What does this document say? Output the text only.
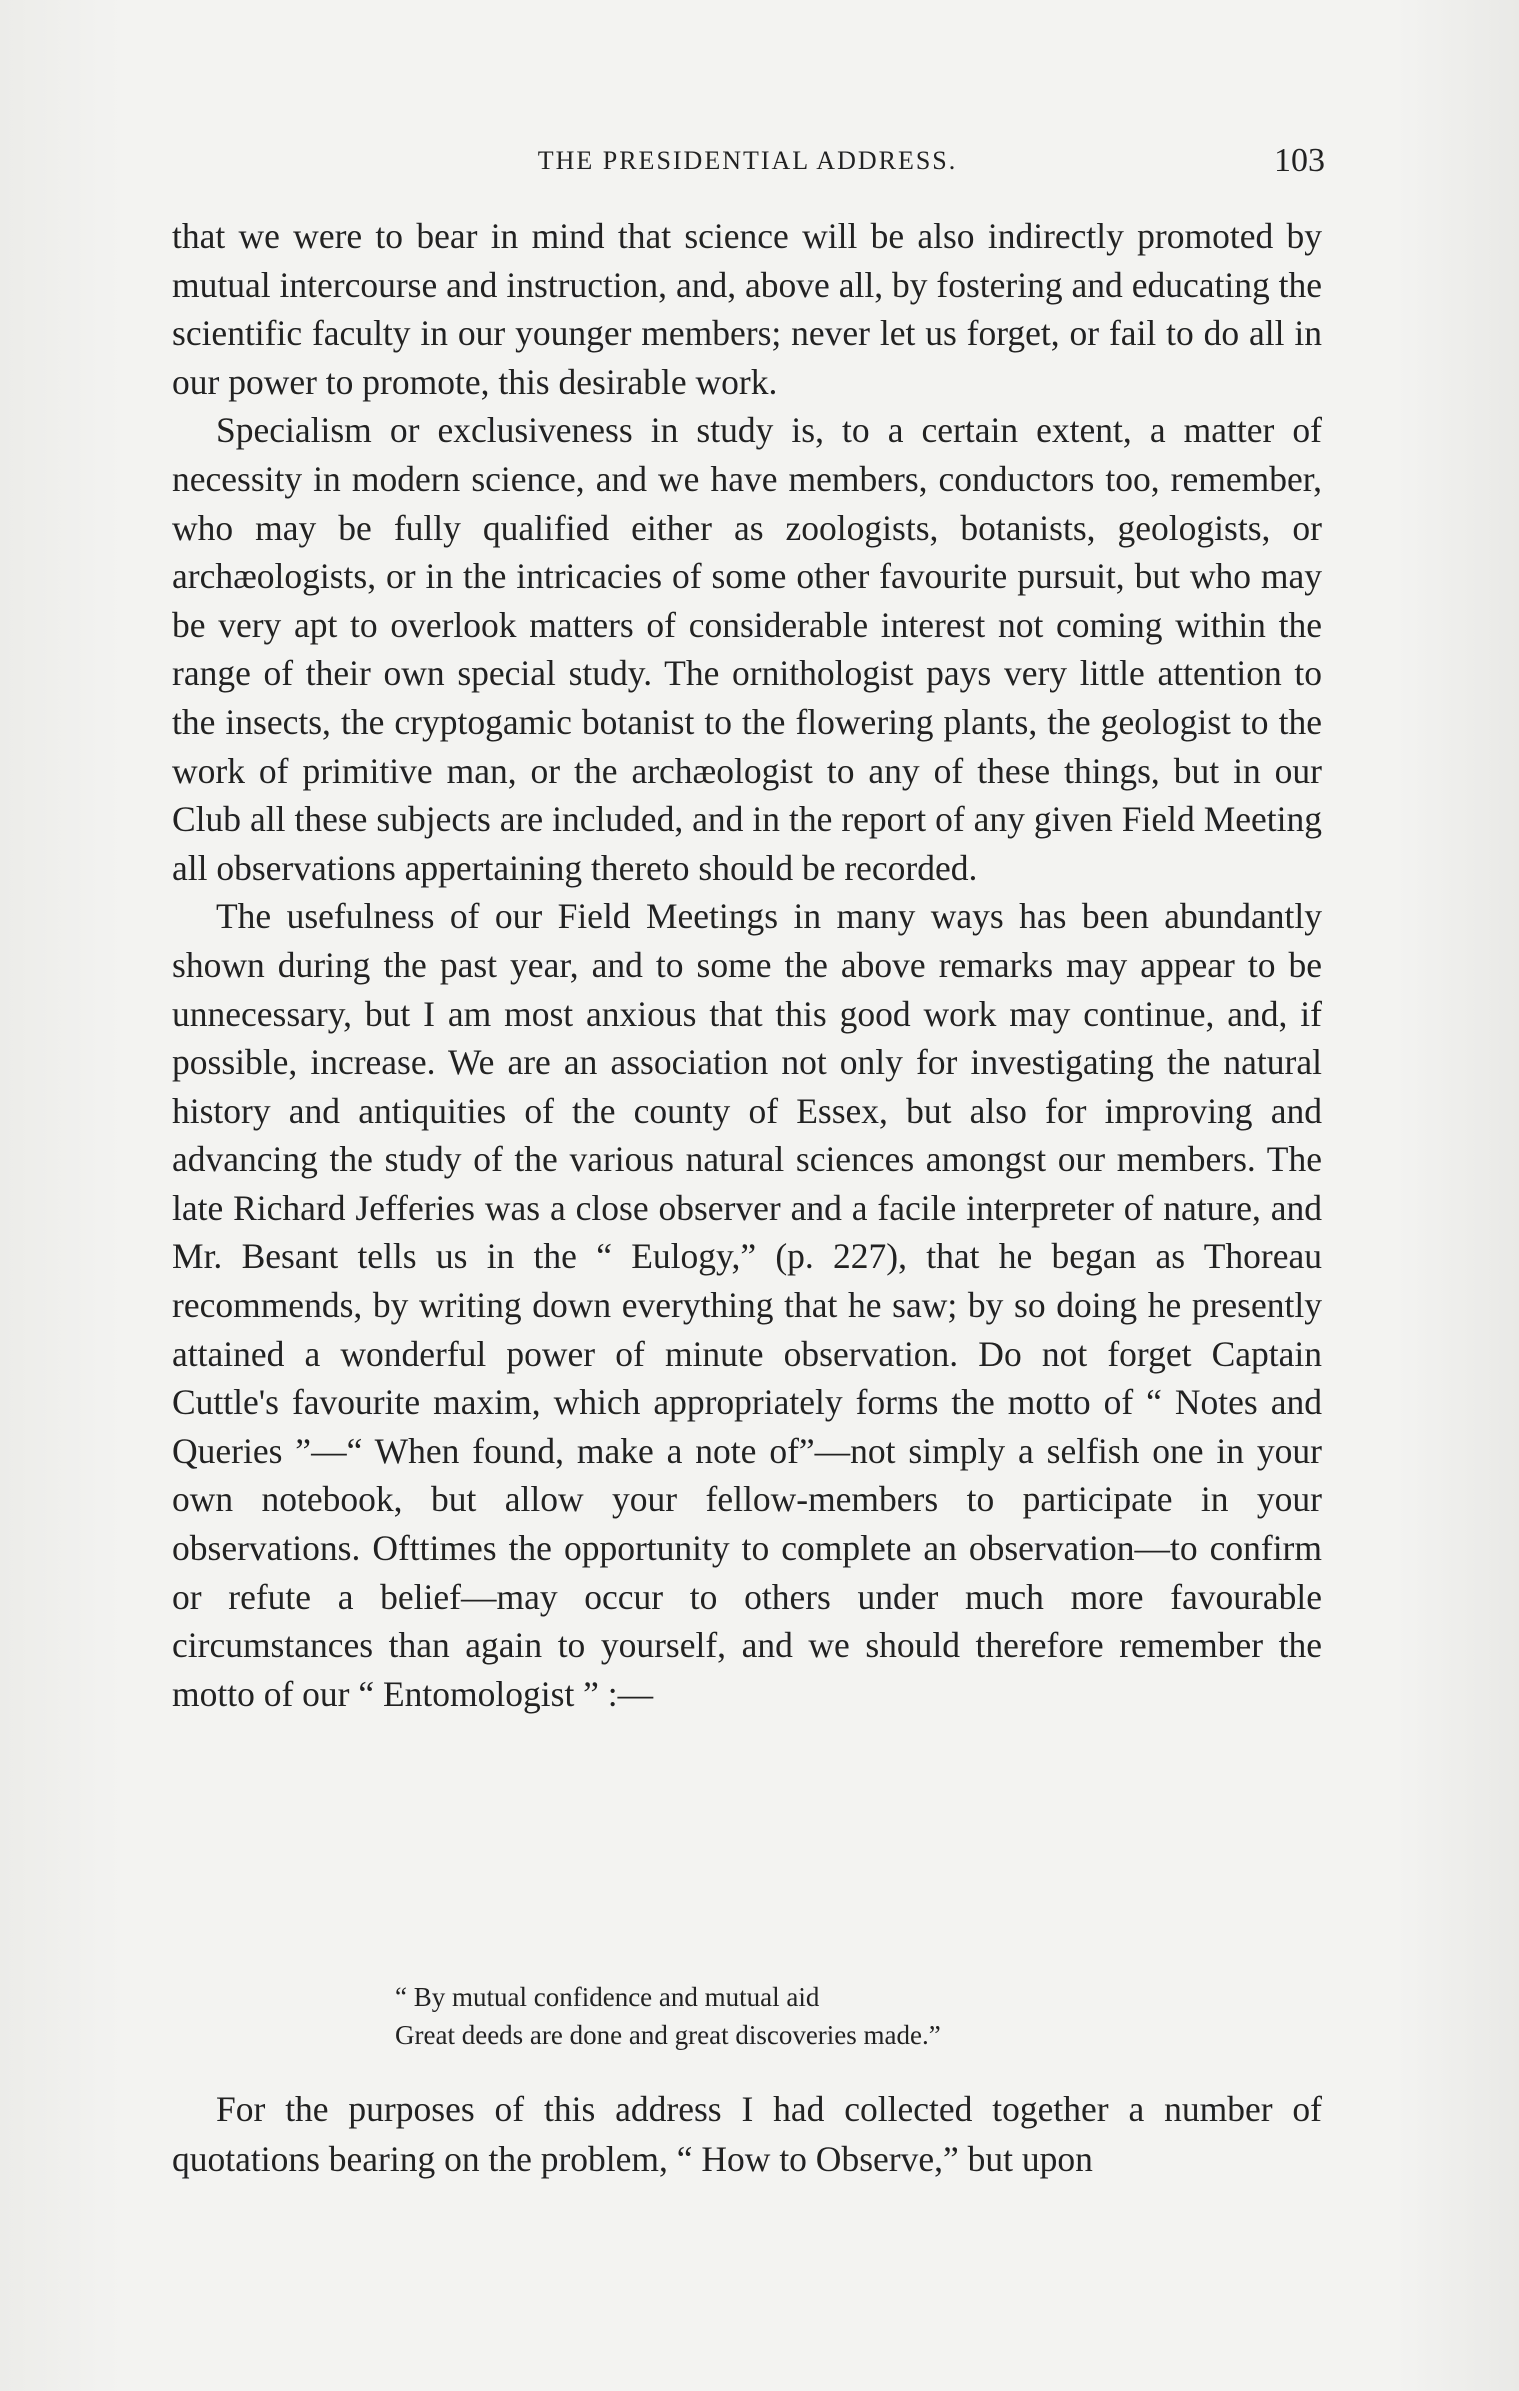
THE PRESIDENTIAL ADDRESS.	103

that we were to bear in mind that science will be also indirectly promoted by mutual intercourse and instruction, and, above all, by fostering and educating the scientific faculty in our younger members; never let us forget, or fail to do all in our power to promote, this desirable work.

Specialism or exclusiveness in study is, to a certain extent, a matter of necessity in modern science, and we have members, conductors too, remember, who may be fully qualified either as zoologists, botanists, geologists, or archæologists, or in the intricacies of some other favourite pursuit, but who may be very apt to overlook matters of considerable interest not coming within the range of their own special study. The ornithologist pays very little attention to the insects, the cryptogamic botanist to the flowering plants, the geologist to the work of primitive man, or the archæologist to any of these things, but in our Club all these subjects are included, and in the report of any given Field Meeting all observations appertaining thereto should be recorded.

The usefulness of our Field Meetings in many ways has been abundantly shown during the past year, and to some the above remarks may appear to be unnecessary, but I am most anxious that this good work may continue, and, if possible, increase. We are an association not only for investigating the natural history and antiquities of the county of Essex, but also for improving and advancing the study of the various natural sciences amongst our members. The late Richard Jefferies was a close observer and a facile interpreter of nature, and Mr. Besant tells us in the “ Eulogy,” (p. 227), that he began as Thoreau recommends, by writing down everything that he saw; by so doing he presently attained a wonderful power of minute observation. Do not forget Captain Cuttle's favourite maxim, which appropriately forms the motto of “ Notes and Queries ”—“ When found, make a note of”—not simply a selfish one in your own notebook, but allow your fellow-members to participate in your observations. Ofttimes the opportunity to complete an observation—to confirm or refute a belief—may occur to others under much more favourable circumstances than again to yourself, and we should therefore remember the motto of our “ Entomologist ” :—

“ By mutual confidence and mutual aid
Great deeds are done and great discoveries made.”

For the purposes of this address I had collected together a number of quotations bearing on the problem, “ How to Observe,” but upon
